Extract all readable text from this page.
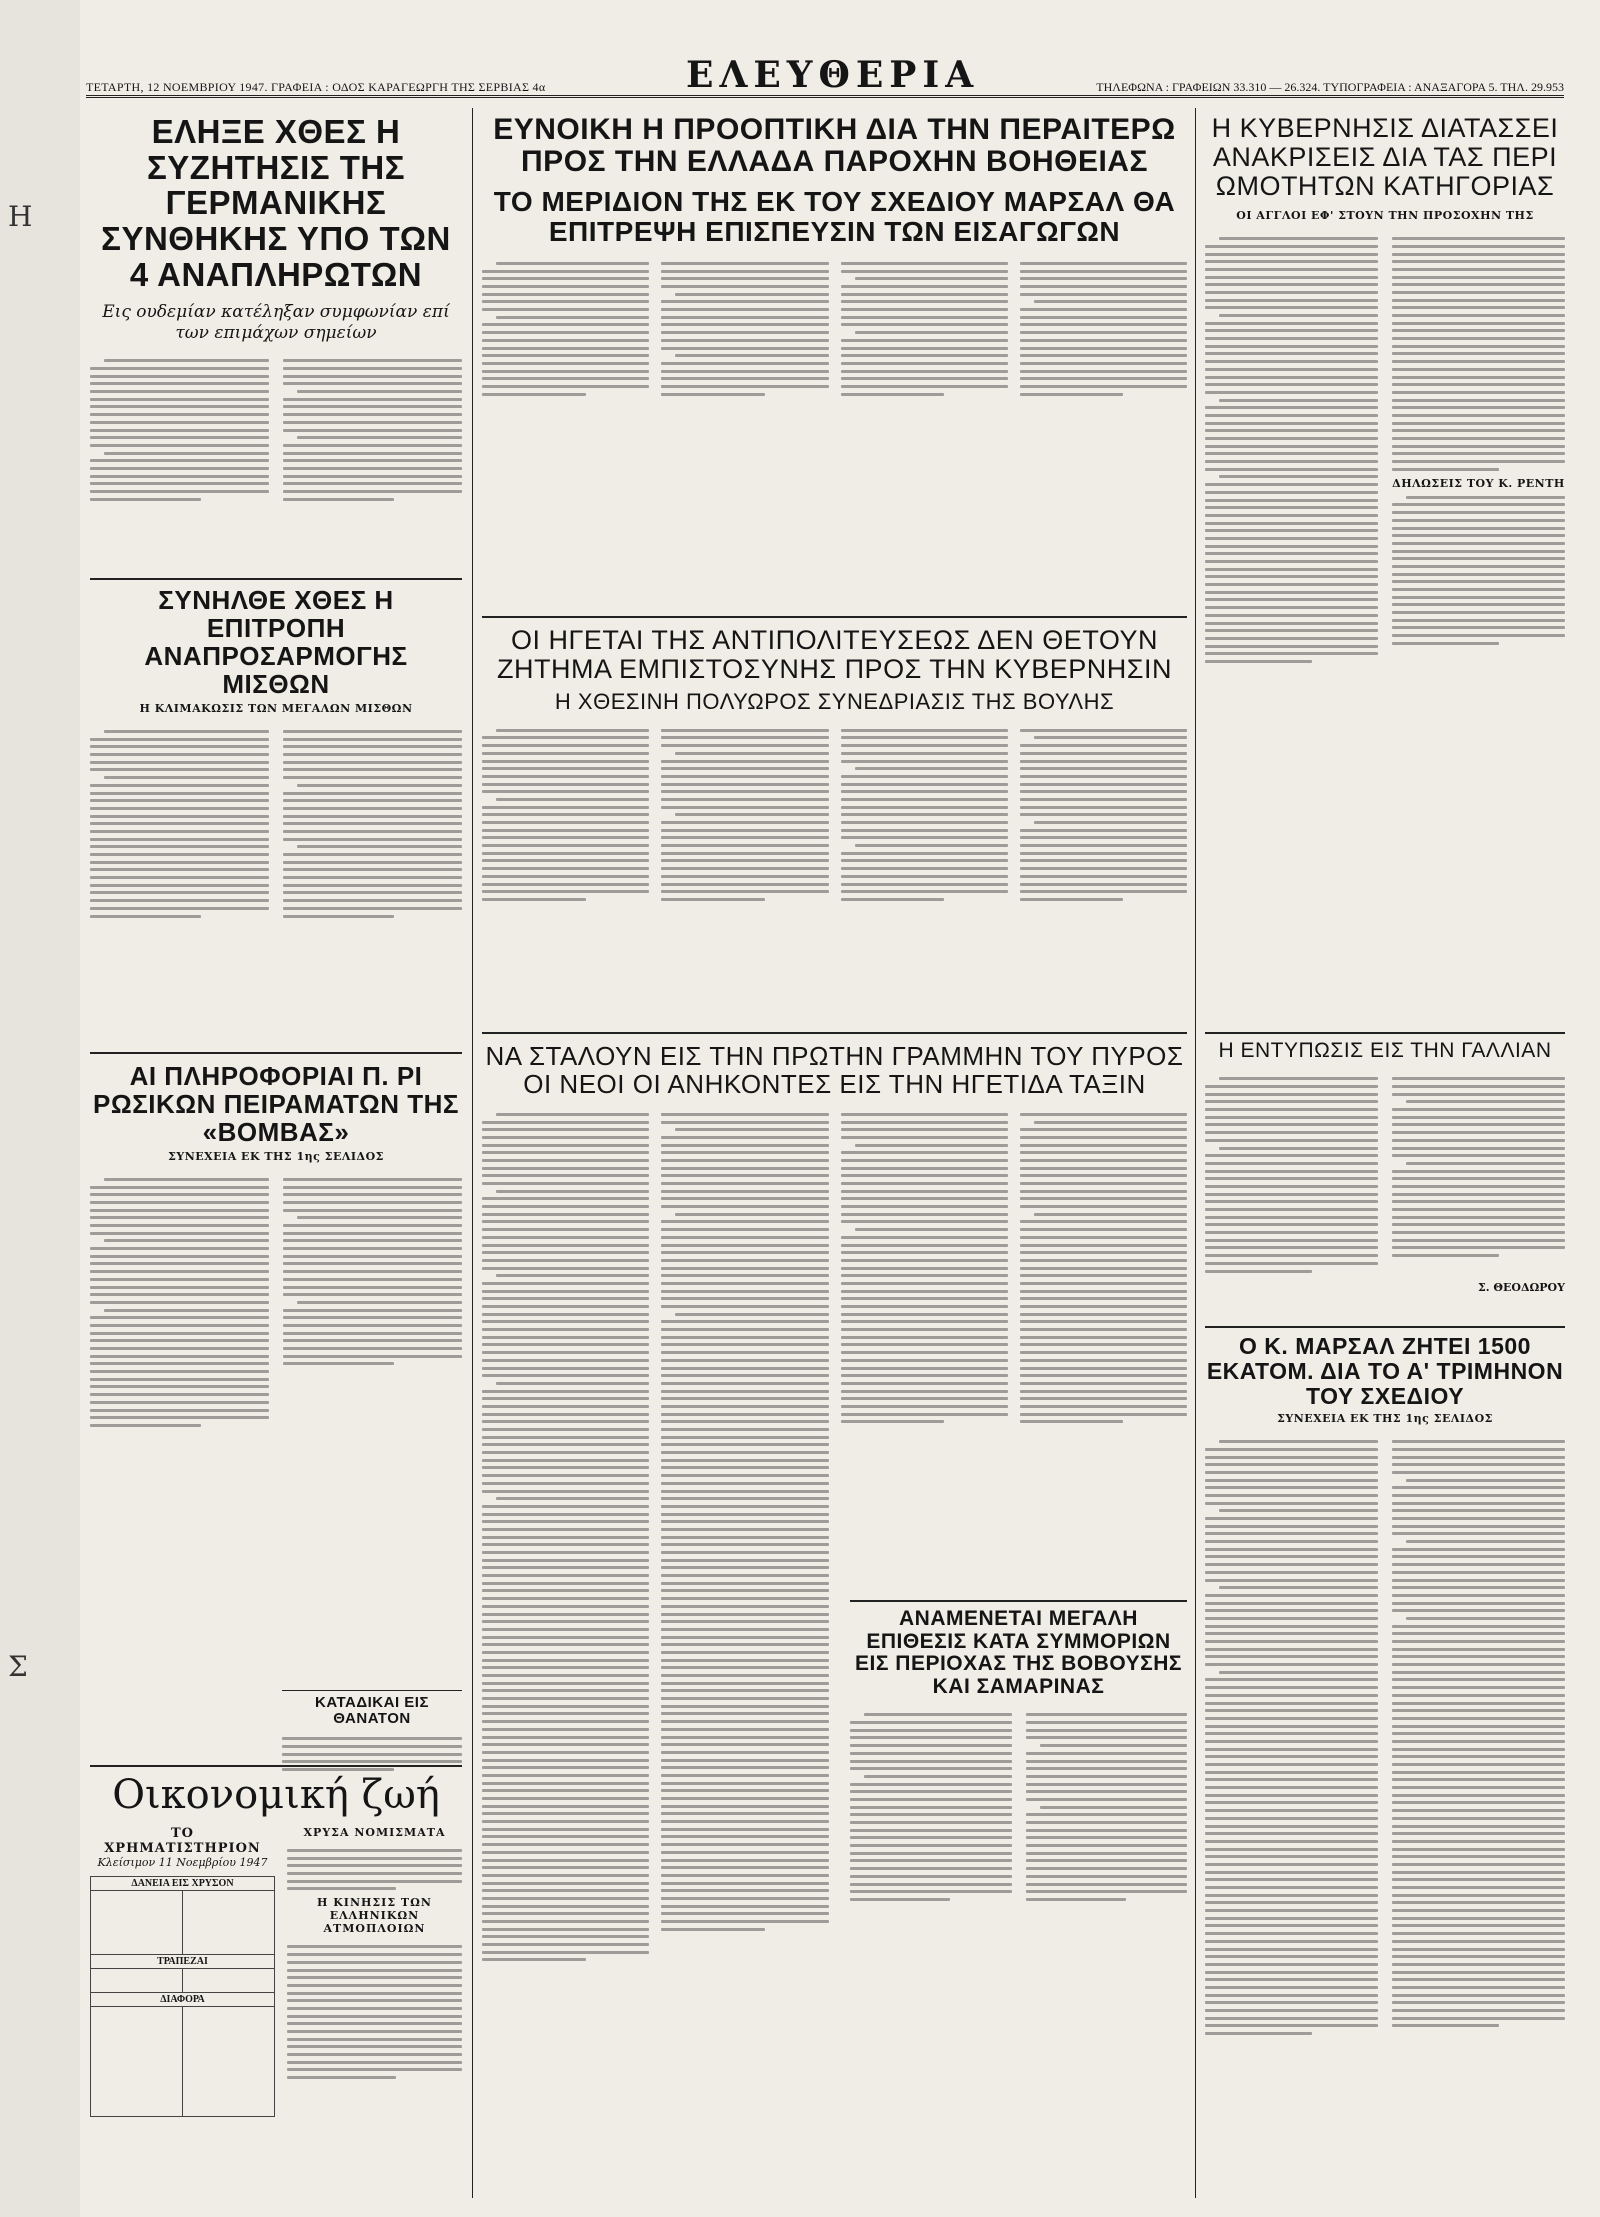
Η
Σ
ΤΕΤΑΡΤΗ, 12 ΝΟΕΜΒΡΙΟΥ 1947. ΓΡΑΦΕΙΑ : ΟΔΟΣ ΚΑΡΑΓΕΩΡΓΗ ΤΗΣ ΣΕΡΒΙΑΣ 4α	ΕΛΕΥΘΕΡΙΑ	ΤΗΛΕΦΩΝΑ : ΓΡΑΦΕΙΩΝ 33.310 — 26.324. ΤΥΠΟΓΡΑΦΕΙΑ : ΑΝΑΞΑΓΟΡΑ 5. ΤΗΛ. 29.953
ΕΛΗΞΕ ΧΘΕΣ Η ΣΥΖΗΤΗΣΙΣ ΤΗΣ ΓΕΡΜΑΝΙΚΗΣ ΣΥΝΘΗΚΗΣ ΥΠΟ ΤΩΝ 4 ΑΝΑΠΛΗΡΩΤΩΝ
Εις ουδεμίαν κατέληξαν συμφωνίαν επί των επιμάχων σημείων
ΣΥΝΗΛΘΕ ΧΘΕΣ Η ΕΠΙΤΡΟΠΗ ΑΝΑΠΡΟΣΑΡΜΟΓΗΣ ΜΙΣΘΩΝ
Η ΚΛΙΜΑΚΩΣΙΣ ΤΩΝ ΜΕΓΑΛΩΝ ΜΙΣΘΩΝ
ΑΙ ΠΛΗΡΟΦΟΡΙΑΙ Π. ΡΙ ΡΩΣΙΚΩΝ ΠΕΙΡΑΜΑΤΩΝ ΤΗΣ «ΒΟΜΒΑΣ»
ΣΥΝΕΧΕΙΑ ΕΚ ΤΗΣ 1ης ΣΕΛΙΔΟΣ
ΚΑΤΑΔΙΚΑΙ ΕΙΣ ΘΑΝΑΤΟΝ
Οικονομική ζωή
ΤΟ ΧΡΗΜΑΤΙΣΤΗΡΙΟΝ
Κλείσιμον 11 Νοεμβρίου 1947
ΔΑΝΕΙΑ ΕΙΣ ΧΡΥΣΟΝ	

ΤΡΑΠΕΖΑΙ	

ΔΙΑΦΟΡΑ	

ΧΡΥΣΑ ΝΟΜΙΣΜΑΤΑ
Η ΚΙΝΗΣΙΣ ΤΩΝ ΕΛΛΗΝΙΚΩΝ ΑΤΜΟΠΛΟΙΩΝ
ΕΥΝΟΙΚΗ Η ΠΡΟΟΠΤΙΚΗ ΔΙΑ ΤΗΝ ΠΕΡΑΙΤΕΡΩ ΠΡΟΣ ΤΗΝ ΕΛΛΑΔΑ ΠΑΡΟΧΗΝ ΒΟΗΘΕΙΑΣ
ΤΟ ΜΕΡΙΔΙΟΝ ΤΗΣ ΕΚ ΤΟΥ ΣΧΕΔΙΟΥ ΜΑΡΣΑΛ ΘΑ ΕΠΙΤΡΕΨΗ ΕΠΙΣΠΕΥΣΙΝ ΤΩΝ ΕΙΣΑΓΩΓΩΝ
ΟΙ ΗΓΕΤΑΙ ΤΗΣ ΑΝΤΙΠΟΛΙΤΕΥΣΕΩΣ ΔΕΝ ΘΕΤΟΥΝ ΖΗΤΗΜΑ ΕΜΠΙΣΤΟΣΥΝΗΣ ΠΡΟΣ ΤΗΝ ΚΥΒΕΡΝΗΣΙΝ
Η ΧΘΕΣΙΝΗ ΠΟΛΥΩΡΟΣ ΣΥΝΕΔΡΙΑΣΙΣ ΤΗΣ ΒΟΥΛΗΣ
ΝΑ ΣΤΑΛΟΥΝ ΕΙΣ ΤΗΝ ΠΡΩΤΗΝ ΓΡΑΜΜΗΝ ΤΟΥ ΠΥΡΟΣ ΟΙ ΝΕΟΙ ΟΙ ΑΝΗΚΟΝΤΕΣ ΕΙΣ ΤΗΝ ΗΓΕΤΙΔΑ ΤΑΞΙΝ
ΑΝΑΜΕΝΕΤΑΙ ΜΕΓΑΛΗ ΕΠΙΘΕΣΙΣ ΚΑΤΑ ΣΥΜΜΟΡΙΩΝ ΕΙΣ ΠΕΡΙΟΧΑΣ ΤΗΣ ΒΟΒΟΥΣΗΣ ΚΑΙ ΣΑΜΑΡΙΝΑΣ
Η ΚΥΒΕΡΝΗΣΙΣ ΔΙΑΤΑΣΣΕΙ ΑΝΑΚΡΙΣΕΙΣ ΔΙΑ ΤΑΣ ΠΕΡΙ ΩΜΟΤΗΤΩΝ ΚΑΤΗΓΟΡΙΑΣ
ΟΙ ΑΓΓΛΟΙ ΕΦ' ΣΤΟΥΝ ΤΗΝ ΠΡΟΣΟΧΗΝ ΤΗΣ
ΔΗΛΩΣΕΙΣ ΤΟΥ Κ. ΡΕΝΤΗ
Η ΕΝΤΥΠΩΣΙΣ ΕΙΣ ΤΗΝ ΓΑΛΛΙΑΝ
Σ. ΘΕΟΔΩΡΟΥ
Ο Κ. ΜΑΡΣΑΛ ΖΗΤΕΙ 1500 ΕΚΑΤΟΜ. ΔΙΑ ΤΟ Α' ΤΡΙΜΗΝΟΝ ΤΟΥ ΣΧΕΔΙΟΥ
ΣΥΝΕΧΕΙΑ ΕΚ ΤΗΣ 1ης ΣΕΛΙΔΟΣ
